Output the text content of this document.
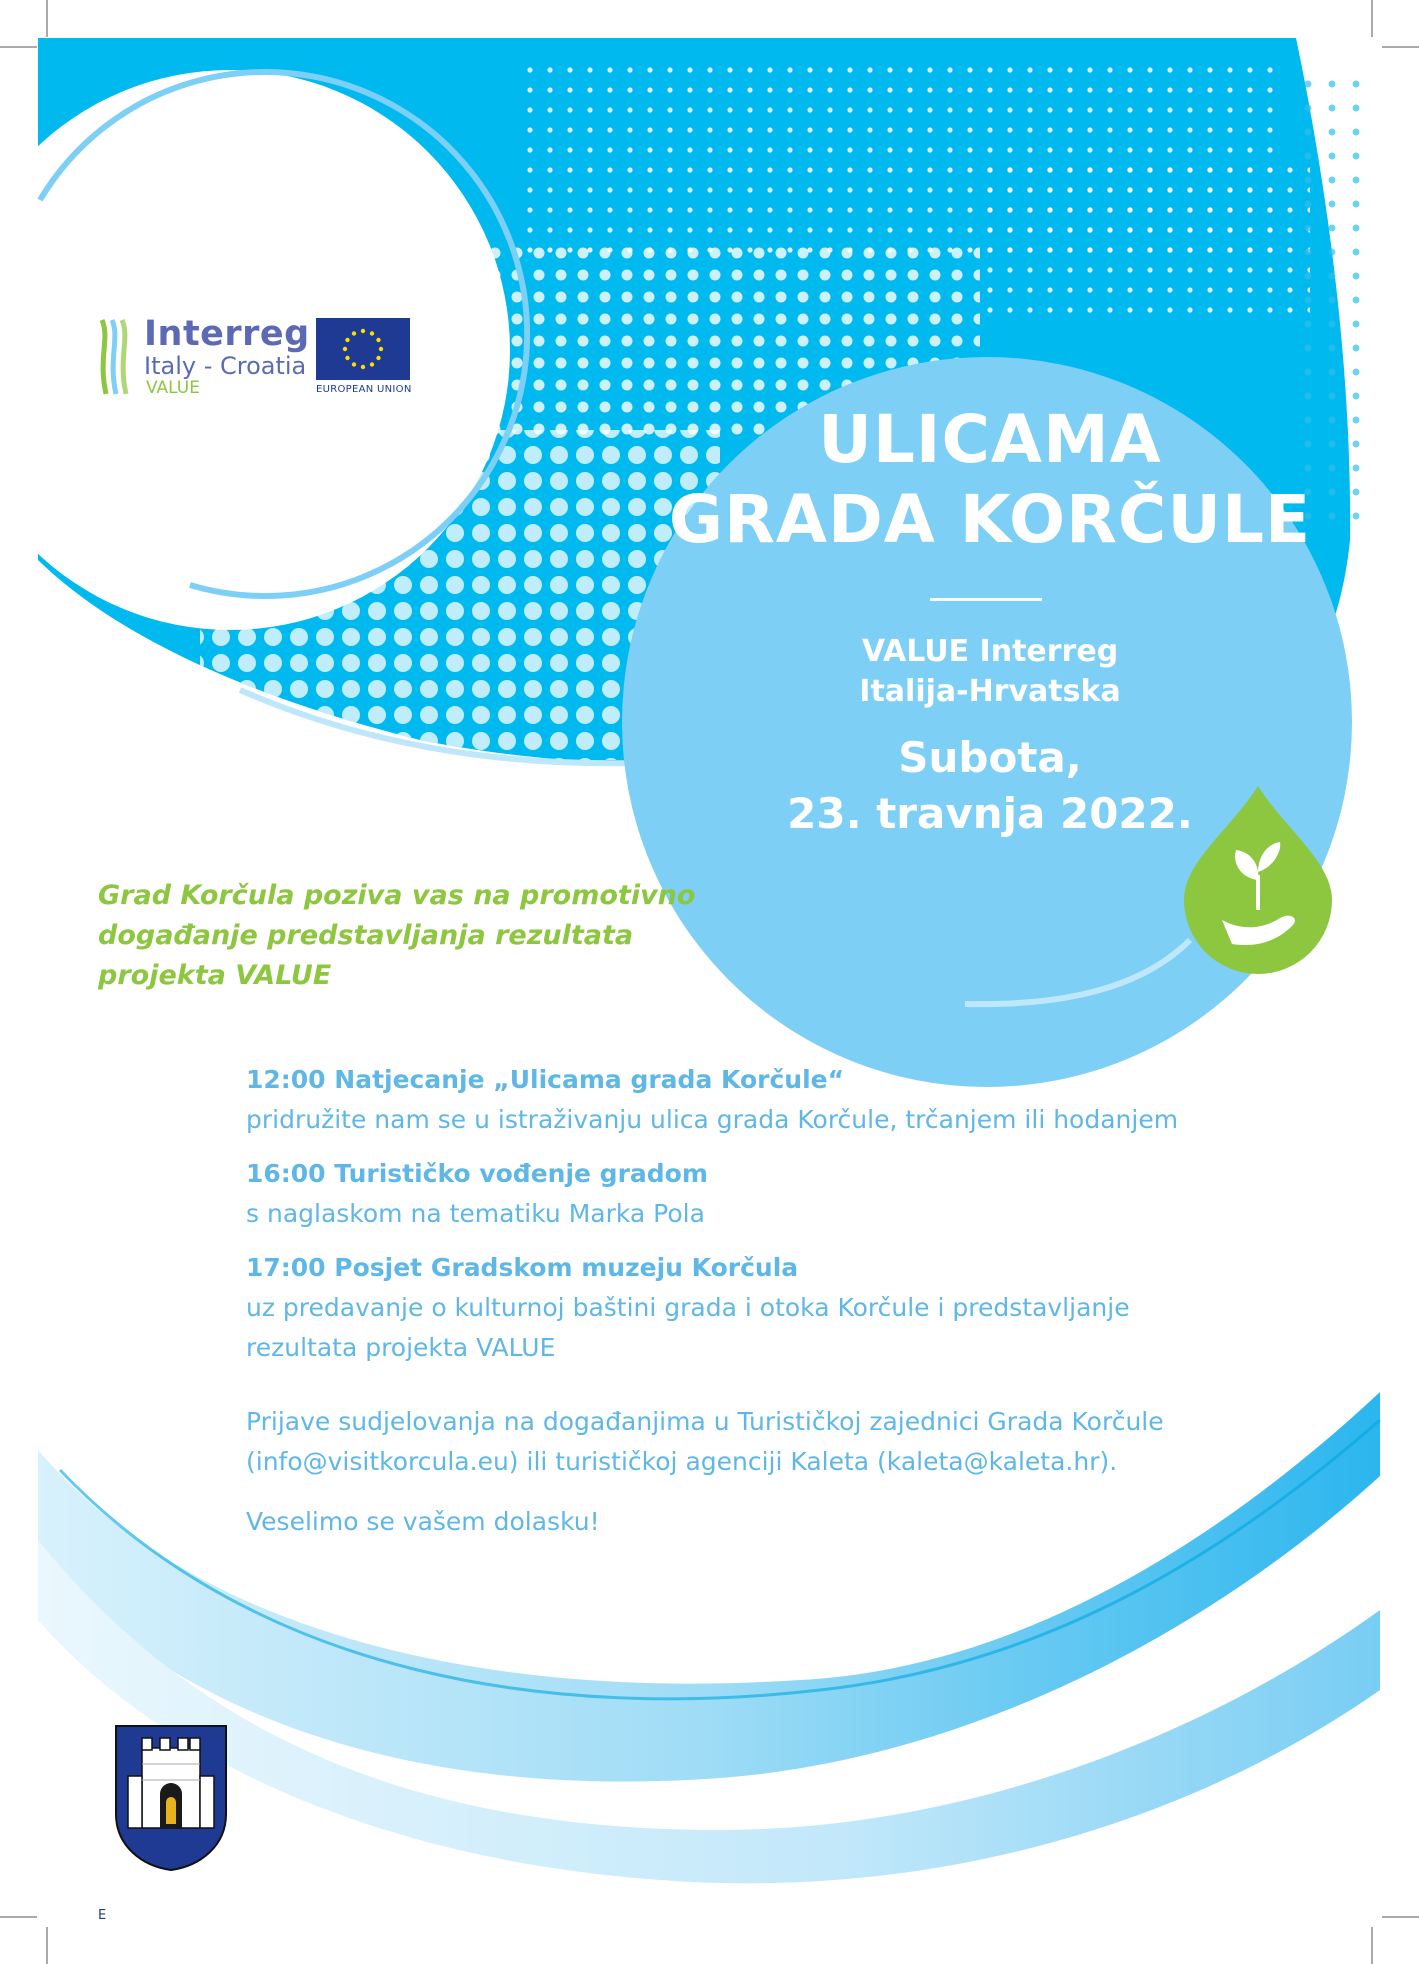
Interreg
Italy - Croatia
VALUE	EUROPEAN UNION
ULICAMA
GRADA KORČULE
VALUE Interreg
Italija-Hrvatska
Subota,
23. travnja 2022.
Grad Korčula poziva vas na promotivno
događanje predstavljanja rezultata
projekta VALUE
12:00 Natjecanje „Ulicama grada Korčule“
pridružite nam se u istraživanju ulica grada Korčule, trčanjem ili hodanjem
16:00 Turističko vođenje gradom
s naglaskom na tematiku Marka Pola
17:00 Posjet Gradskom muzeju Korčula
uz predavanje o kulturnoj baštini grada i otoka Korčule i predstavljanje rezultata projekta VALUE
Prijave sudjelovanja na događanjima u Turističkoj zajednici Grada Korčule
(info@visitkorcula.eu) ili turističkoj agenciji Kaleta (kaleta@kaleta.hr).
Veselimo se vašem dolasku!
E
